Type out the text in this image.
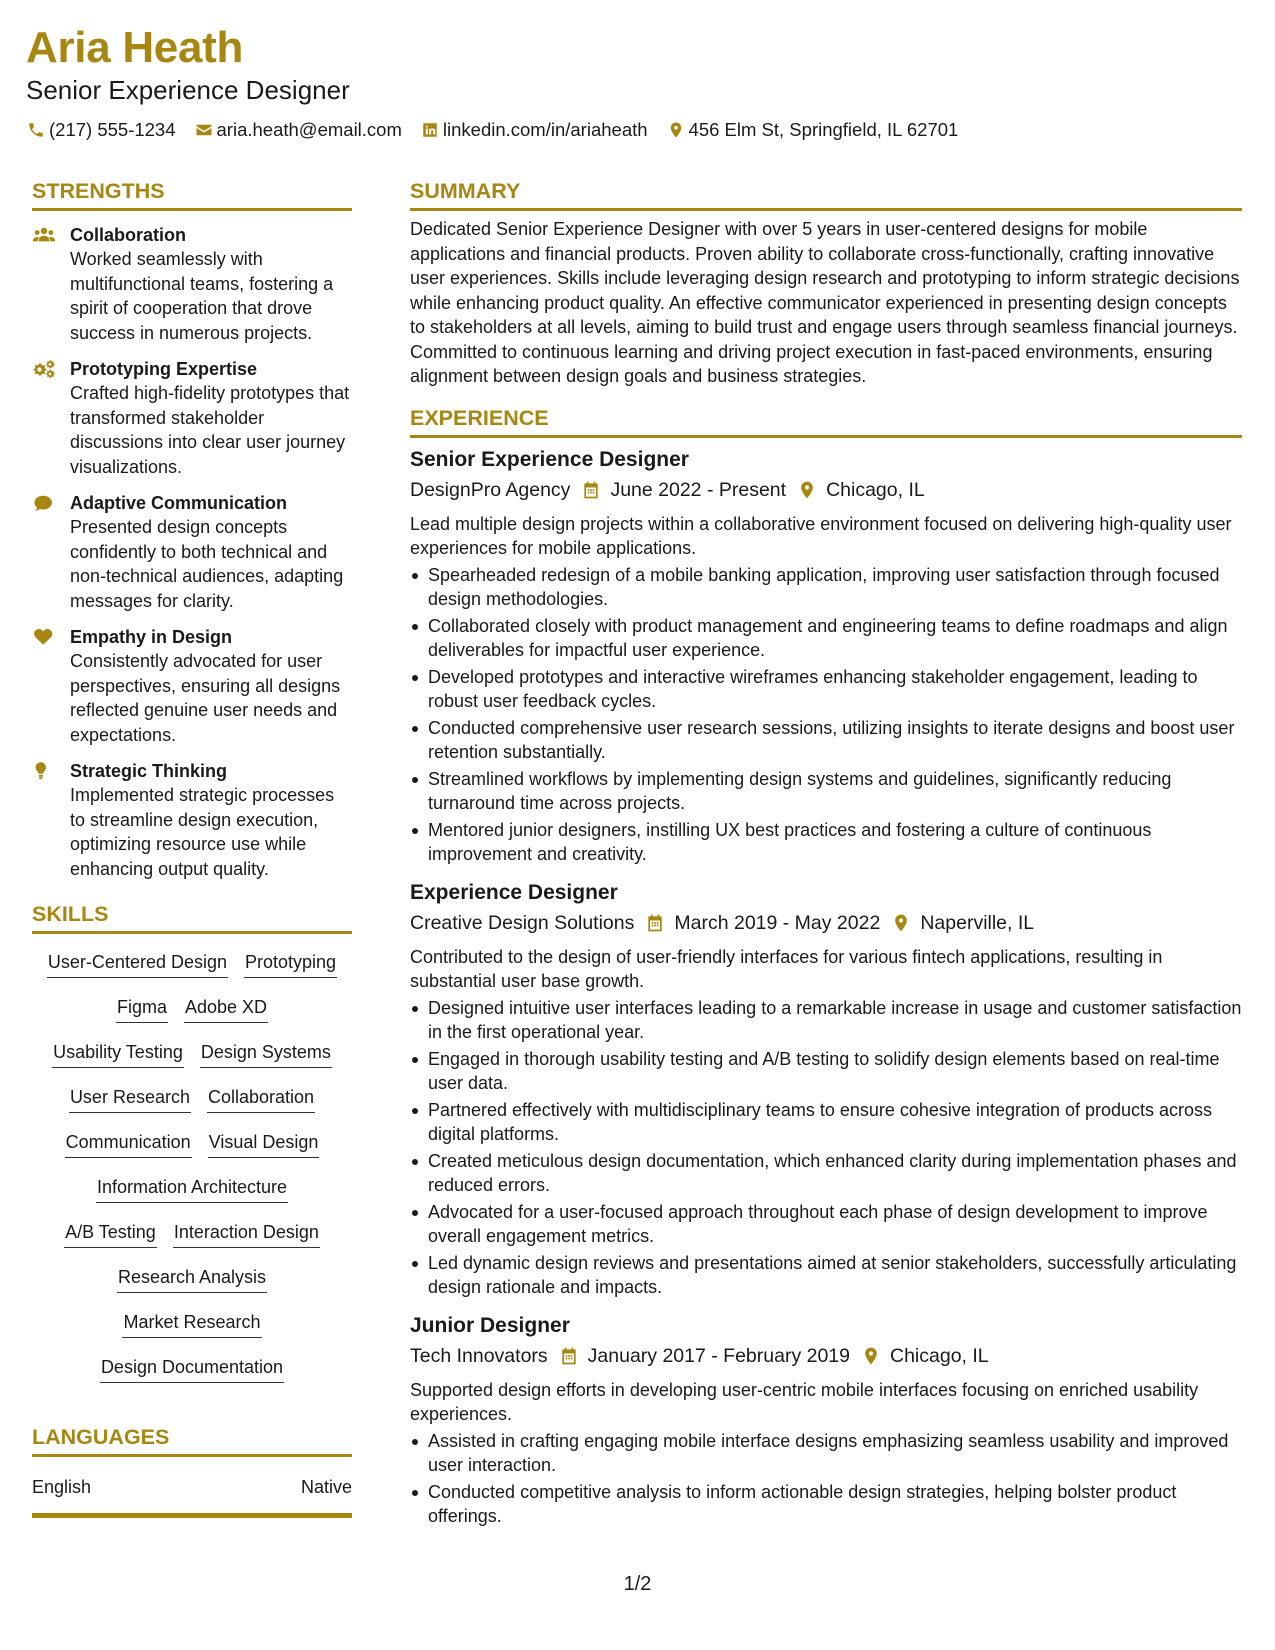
Aria Heath
Senior Experience Designer
(217) 555-1234 aria.heath@email.com linkedin.com/in/ariaheath 456 Elm St, Springfield, IL 62701
STRENGTHS
Collaboration
Worked seamlessly with multifunctional teams, fostering a spirit of cooperation that drove success in numerous projects.
Prototyping Expertise
Crafted high-fidelity prototypes that transformed stakeholder discussions into clear user journey visualizations.
Adaptive Communication
Presented design concepts confidently to both technical and non-technical audiences, adapting messages for clarity.
Empathy in Design
Consistently advocated for user perspectives, ensuring all designs reflected genuine user needs and expectations.
Strategic Thinking
Implemented strategic processes to streamline design execution, optimizing resource use while enhancing output quality.
SKILLS
User-Centered Design Prototyping
Figma Adobe XD
Usability Testing Design Systems
User Research Collaboration
Communication Visual Design
Information Architecture
A/B Testing Interaction Design
Research Analysis
Market Research
Design Documentation
LANGUAGES
English	Native
SUMMARY

Dedicated Senior Experience Designer with over 5 years in user-centered designs for mobile applications and financial products. Proven ability to collaborate cross-functionally, crafting innovative user experiences. Skills include leveraging design research and prototyping to inform strategic decisions while enhancing product quality. An effective communicator experienced in presenting design concepts to stakeholders at all levels, aiming to build trust and engage users through seamless financial journeys. Committed to continuous learning and driving project execution in fast-paced environments, ensuring alignment between design goals and business strategies.

EXPERIENCE
Senior Experience Designer
DesignPro Agency June 2022 - Present Chicago, IL

Lead multiple design projects within a collaborative environment focused on delivering high-quality user experiences for mobile applications.

Spearheaded redesign of a mobile banking application, improving user satisfaction through focused design methodologies.
Collaborated closely with product management and engineering teams to define roadmaps and align deliverables for impactful user experience.
Developed prototypes and interactive wireframes enhancing stakeholder engagement, leading to robust user feedback cycles.
Conducted comprehensive user research sessions, utilizing insights to iterate designs and boost user retention substantially.
Streamlined workflows by implementing design systems and guidelines, significantly reducing turnaround time across projects.
Mentored junior designers, instilling UX best practices and fostering a culture of continuous improvement and creativity.
Experience Designer
Creative Design Solutions March 2019 - May 2022 Naperville, IL

Contributed to the design of user-friendly interfaces for various fintech applications, resulting in substantial user base growth.

Designed intuitive user interfaces leading to a remarkable increase in usage and customer satisfaction in the first operational year.
Engaged in thorough usability testing and A/B testing to solidify design elements based on real-time user data.
Partnered effectively with multidisciplinary teams to ensure cohesive integration of products across digital platforms.
Created meticulous design documentation, which enhanced clarity during implementation phases and reduced errors.
Advocated for a user-focused approach throughout each phase of design development to improve overall engagement metrics.
Led dynamic design reviews and presentations aimed at senior stakeholders, successfully articulating design rationale and impacts.
Junior Designer
Tech Innovators January 2017 - February 2019 Chicago, IL

Supported design efforts in developing user-centric mobile interfaces focusing on enriched usability experiences.

Assisted in crafting engaging mobile interface designs emphasizing seamless usability and improved user interaction.
Conducted competitive analysis to inform actionable design strategies, helping bolster product offerings.
1/2
